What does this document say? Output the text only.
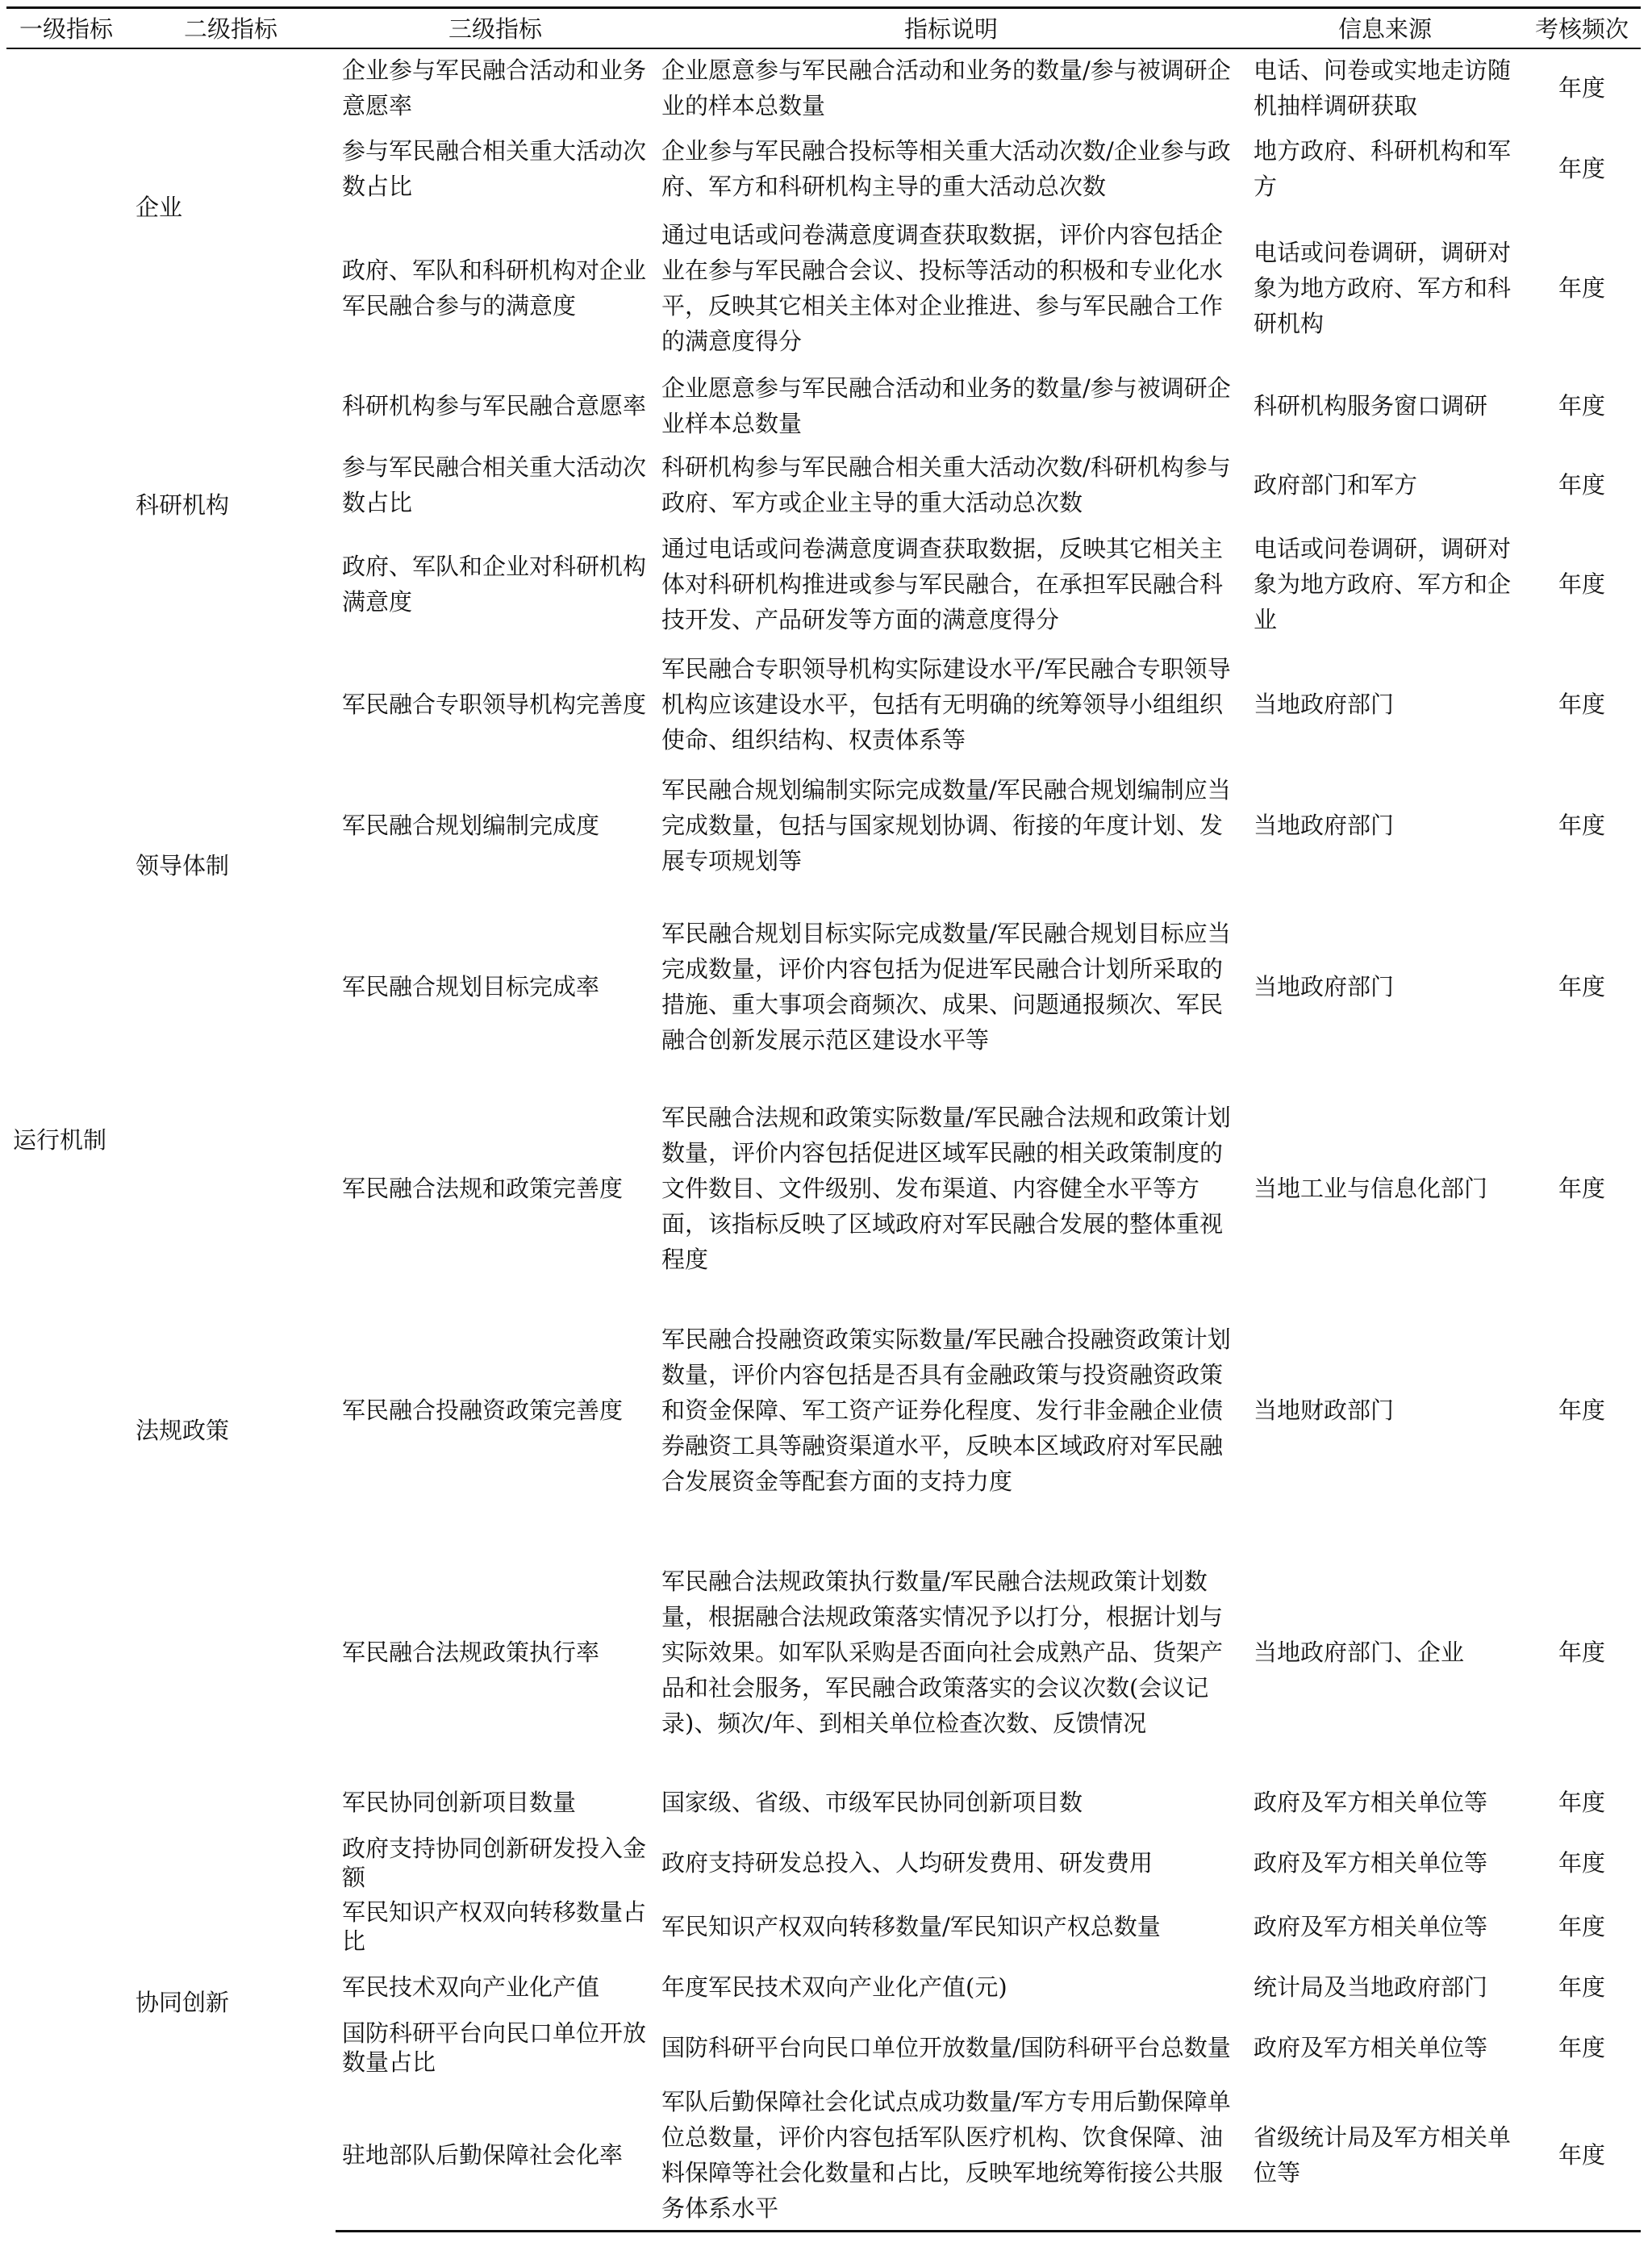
一级指标	二级指标	三级指标	指标说明	信息来源	考核频次
运行机制	企业	企业参与军民融合活动和业务意愿率	企业愿意参与军民融合活动和业务的数量/参与被调研企业的样本总数量	电话、问卷或实地走访随机抽样调研获取	年度
		参与军民融合相关重大活动次数占比	企业参与军民融合投标等相关重大活动次数/企业参与政府、军方和科研机构主导的重大活动总次数	地方政府、科研机构和军方	年度
		政府、军队和科研机构对企业军民融合参与的满意度	通过电话或问卷满意度调查获取数据，评价内容包括企业在参与军民融合会议、投标等活动的积极和专业化水平，反映其它相关主体对企业推进、参与军民融合工作的满意度得分	电话或问卷调研，调研对象为地方政府、军方和科研机构	年度
	科研机构	科研机构参与军民融合意愿率	企业愿意参与军民融合活动和业务的数量/参与被调研企业样本总数量	科研机构服务窗口调研	年度
		参与军民融合相关重大活动次数占比	科研机构参与军民融合相关重大活动次数/科研机构参与政府、军方或企业主导的重大活动总次数	政府部门和军方	年度
		政府、军队和企业对科研机构满意度	通过电话或问卷满意度调查获取数据，反映其它相关主体对科研机构推进或参与军民融合，在承担军民融合科技开发、产品研发等方面的满意度得分	电话或问卷调研，调研对象为地方政府、军方和企业	年度
	领导体制	军民融合专职领导机构完善度	军民融合专职领导机构实际建设水平/军民融合专职领导机构应该建设水平，包括有无明确的统筹领导小组组织使命、组织结构、权责体系等	当地政府部门	年度
		军民融合规划编制完成度	军民融合规划编制实际完成数量/军民融合规划编制应当完成数量，包括与国家规划协调、衔接的年度计划、发展专项规划等	当地政府部门	年度
		军民融合规划目标完成率	军民融合规划目标实际完成数量/军民融合规划目标应当完成数量，评价内容包括为促进军民融合计划所采取的措施、重大事项会商频次、成果、问题通报频次、军民融合创新发展示范区建设水平等	当地政府部门	年度
	法规政策	军民融合法规和政策完善度	军民融合法规和政策实际数量/军民融合法规和政策计划数量，评价内容包括促进区域军民融的相关政策制度的文件数目、文件级别、发布渠道、内容健全水平等方面，该指标反映了区域政府对军民融合发展的整体重视程度	当地工业与信息化部门	年度
		军民融合投融资政策完善度	军民融合投融资政策实际数量/军民融合投融资政策计划数量，评价内容包括是否具有金融政策与投资融资政策和资金保障、军工资产证券化程度、发行非金融企业债券融资工具等融资渠道水平，反映本区域政府对军民融合发展资金等配套方面的支持力度	当地财政部门	年度
		军民融合法规政策执行率	军民融合法规政策执行数量/军民融合法规政策计划数量，根据融合法规政策落实情况予以打分，根据计划与实际效果。如军队采购是否面向社会成熟产品、货架产品和社会服务，军民融合政策落实的会议次数(会议记录)、频次/年、到相关单位检查次数、反馈情况	当地政府部门、企业	年度
	协同创新	军民协同创新项目数量	国家级、省级、市级军民协同创新项目数	政府及军方相关单位等	年度
		政府支持协同创新研发投入金额	政府支持研发总投入、人均研发费用、研发费用	政府及军方相关单位等	年度
		军民知识产权双向转移数量占比	军民知识产权双向转移数量/军民知识产权总数量	政府及军方相关单位等	年度
		军民技术双向产业化产值	年度军民技术双向产业化产值(元)	统计局及当地政府部门	年度
		国防科研平台向民口单位开放数量占比	国防科研平台向民口单位开放数量/国防科研平台总数量	政府及军方相关单位等	年度
		驻地部队后勤保障社会化率	军队后勤保障社会化试点成功数量/军方专用后勤保障单位总数量，评价内容包括军队医疗机构、饮食保障、油料保障等社会化数量和占比，反映军地统筹衔接公共服务体系水平	省级统计局及军方相关单位等	年度
